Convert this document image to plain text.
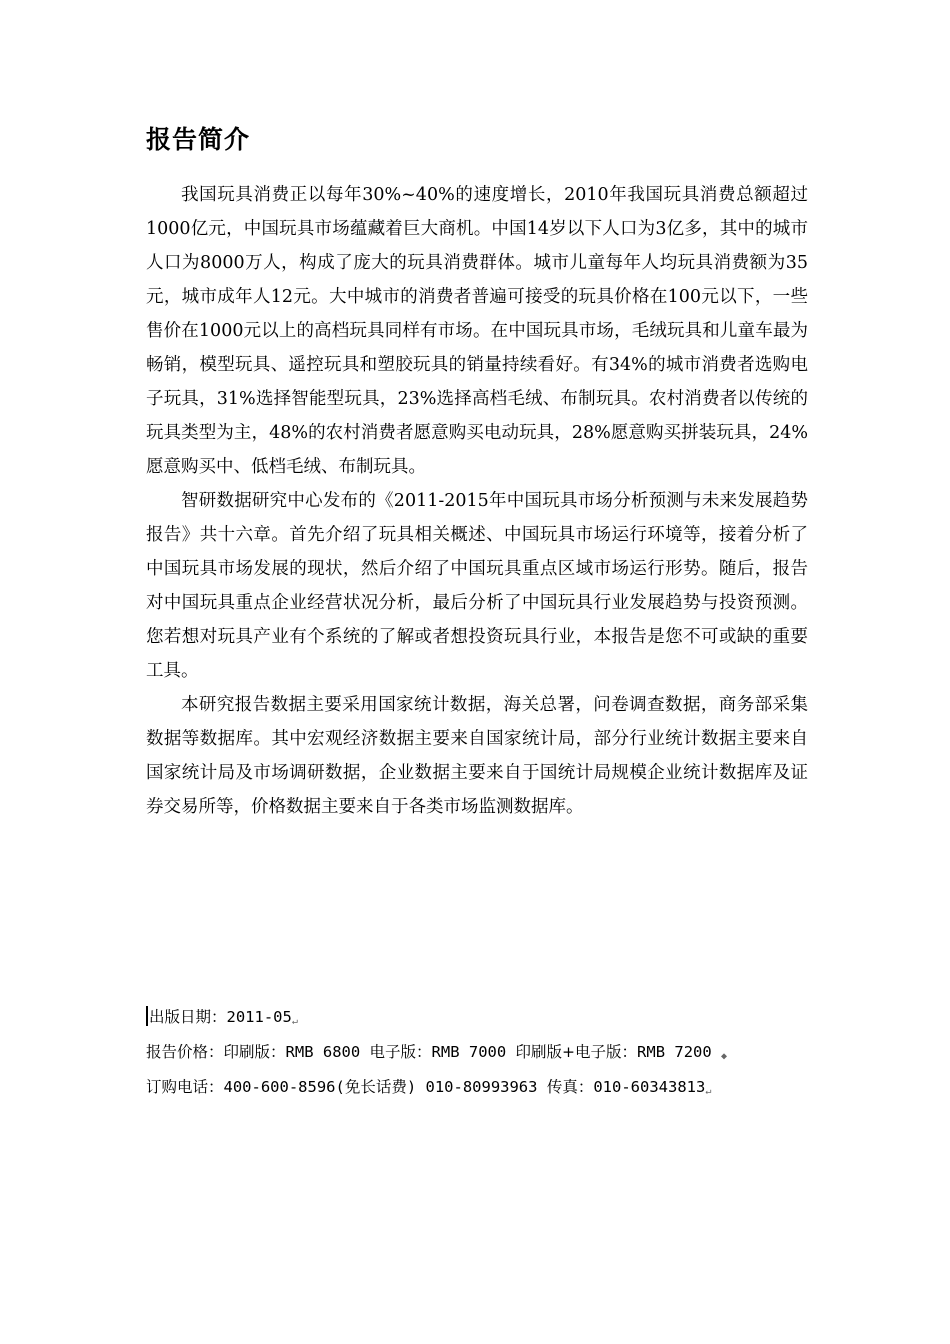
报告简介

我国玩具消费正以每年30%~40%的速度增长，2010年我国玩具消费总额超过1000亿元，中国玩具市场蕴藏着巨大商机。中国14岁以下人口为3亿多，其中的城市人口为8000万人，构成了庞大的玩具消费群体。城市儿童每年人均玩具消费额为35元，城市成年人12元。大中城市的消费者普遍可接受的玩具价格在100元以下，一些售价在1000元以上的高档玩具同样有市场。在中国玩具市场，毛绒玩具和儿童车最为畅销，模型玩具、遥控玩具和塑胶玩具的销量持续看好。有34%的城市消费者选购电子玩具，31%选择智能型玩具，23%选择高档毛绒、布制玩具。农村消费者以传统的玩具类型为主，48%的农村消费者愿意购买电动玩具，28%愿意购买拼装玩具，24%愿意购买中、低档毛绒、布制玩具。

智研数据研究中心发布的《2011-2015年中国玩具市场分析预测与未来发展趋势报告》共十六章。首先介绍了玩具相关概述、中国玩具市场运行环境等，接着分析了中国玩具市场发展的现状，然后介绍了中国玩具重点区域市场运行形势。随后，报告对中国玩具重点企业经营状况分析，最后分析了中国玩具行业发展趋势与投资预测。您若想对玩具产业有个系统的了解或者想投资玩具行业，本报告是您不可或缺的重要工具。

本研究报告数据主要采用国家统计数据，海关总署，问卷调查数据，商务部采集数据等数据库。其中宏观经济数据主要来自国家统计局，部分行业统计数据主要来自国家统计局及市场调研数据，企业数据主要来自于国统计局规模企业统计数据库及证券交易所等，价格数据主要来自于各类市场监测数据库。

出版日期：2011-05↵
报告价格：印刷版：RMB 6800 电子版：RMB 7000 印刷版+电子版：RMB 7200 ◆
订购电话：400-600-8596(免长话费) 010-80993963 传真：010-60343813↵
